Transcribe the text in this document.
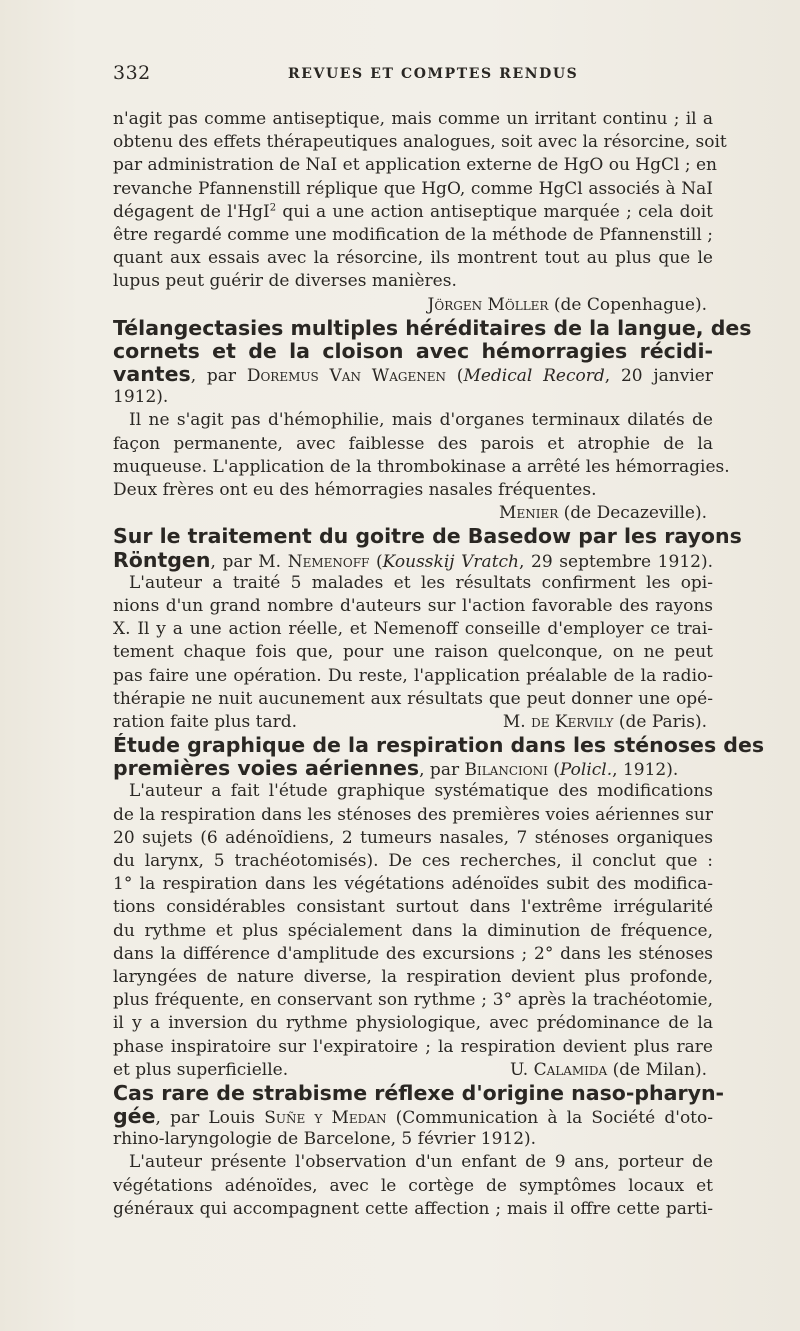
332	REVUES ET COMPTES RENDUS
n'agit pas comme antiseptique, mais comme un irritant continu ; il a
obtenu des effets thérapeutiques analogues, soit avec la résorcine, soit
par administration de NaI et application externe de HgO ou HgCl ; en
revanche Pfannenstill réplique que HgO, comme HgCl associés à NaI
dégagent de l'HgI$^2$ qui a une action antiseptique marquée ; cela doit
être regardé comme une modification de la méthode de Pfannenstill ;
quant aux essais avec la résorcine, ils montrent tout au plus que le
lupus peut guérir de diverses manières.
Jörgen Möller (de Copenhague).
Télangectasies multiples héréditaires de la langue, des
cornets et de la cloison avec hémorragies récidi-
vantes, par Doremus Van Wagenen (Medical Record, 20 janvier
1912).
Il ne s'agit pas d'hémophilie, mais d'organes terminaux dilatés de
façon permanente, avec faiblesse des parois et atrophie de la
muqueuse. L'application de la thrombokinase a arrêté les hémorragies.
Deux frères ont eu des hémorragies nasales fréquentes.
Menier (de Decazeville).
Sur le traitement du goitre de Basedow par les rayons
Röntgen, par M. Nemenoff (Kousskij Vratch, 29 septembre 1912).
L'auteur a traité 5 malades et les résultats confirment les opi-
nions d'un grand nombre d'auteurs sur l'action favorable des rayons
X. Il y a une action réelle, et Nemenoff conseille d'employer ce trai-
tement chaque fois que, pour une raison quelconque, on ne peut
pas faire une opération. Du reste, l'application préalable de la radio-
thérapie ne nuit aucunement aux résultats que peut donner une opé-
ration faite plus tard.	M. de Kervily (de Paris).
Étude graphique de la respiration dans les sténoses des
premières voies aériennes, par Bilancioni (Policl., 1912).
L'auteur a fait l'étude graphique systématique des modifications
de la respiration dans les sténoses des premières voies aériennes sur
20 sujets (6 adénoïdiens, 2 tumeurs nasales, 7 sténoses organiques
du larynx, 5 trachéotomisés). De ces recherches, il conclut que :
1° la respiration dans les végétations adénoïdes subit des modifica-
tions considérables consistant surtout dans l'extrême irrégularité
du rythme et plus spécialement dans la diminution de fréquence,
dans la différence d'amplitude des excursions ; 2° dans les sténoses
laryngées de nature diverse, la respiration devient plus profonde,
plus fréquente, en conservant son rythme ; 3° après la trachéotomie,
il y a inversion du rythme physiologique, avec prédominance de la
phase inspiratoire sur l'expiratoire ; la respiration devient plus rare
et plus superficielle.	U. Calamida (de Milan).
Cas rare de strabisme réflexe d'origine naso-pharyn-
gée, par Louis Suñe y Medan (Communication à la Société d'oto-
rhino-laryngologie de Barcelone, 5 février 1912).
L'auteur présente l'observation d'un enfant de 9 ans, porteur de
végétations adénoïdes, avec le cortège de symptômes locaux et
généraux qui accompagnent cette affection ; mais il offre cette parti-
